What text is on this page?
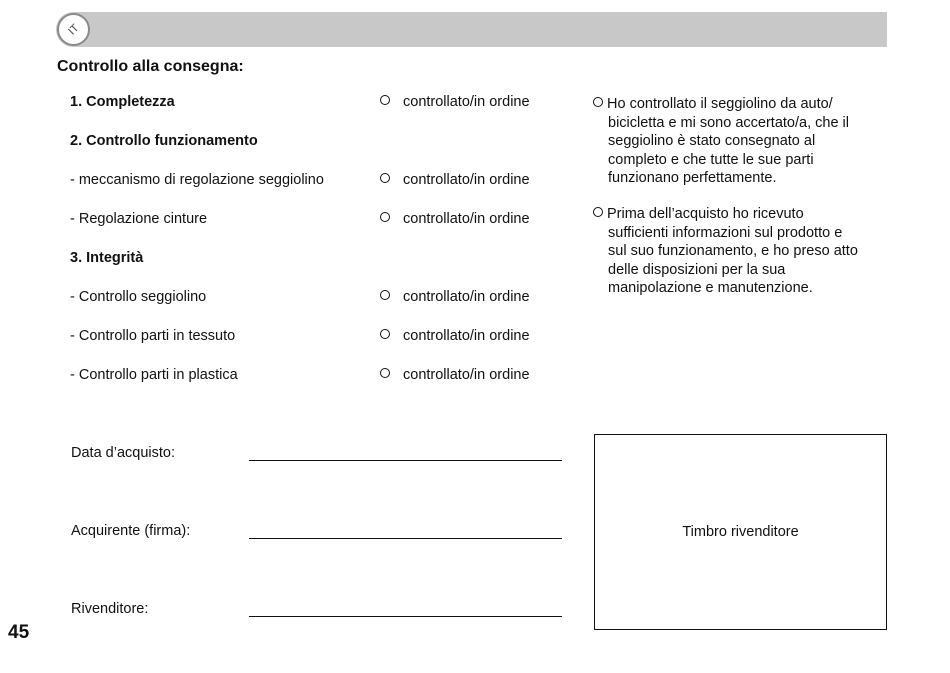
IT
Controllo alla consegna:
1. Completezza	controllato/in ordine
2. Controllo funzionamento
- meccanismo di regolazione seggiolino	controllato/in ordine
- Regolazione cinture	controllato/in ordine
3. Integrità
- Controllo seggiolino	controllato/in ordine
- Controllo parti in tessuto	controllato/in ordine
- Controllo parti in plastica	controllato/in ordine
Ho controllato il seggiolino da auto/
bicicletta e mi sono accertato/a, che il
seggiolino è stato consegnato al
completo e che tutte le sue parti
funzionano perfettamente.
Prima dell’acquisto ho ricevuto
sufficienti informazioni sul prodotto e
sul suo funzionamento, e ho preso atto
delle disposizioni per la sua
manipolazione e manutenzione.
Data d’acquisto:
Acquirente (firma):
Rivenditore:
Timbro rivenditore
45
